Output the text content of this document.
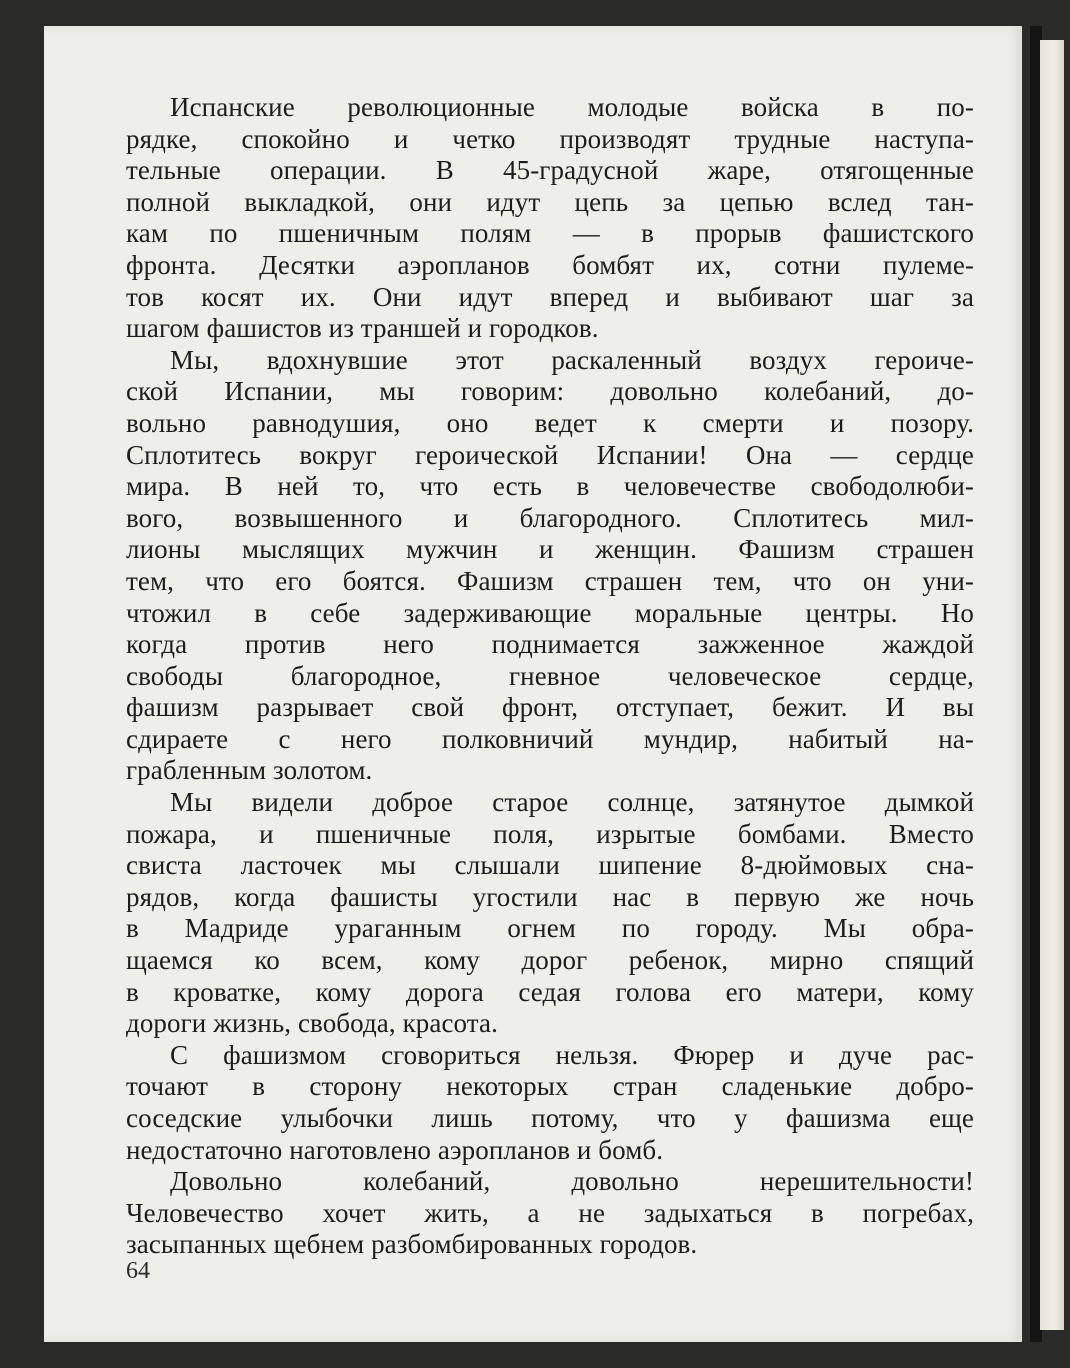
Испанские революционные молодые войска в по-
рядке, спокойно и четко производят трудные наступа-
тельные операции. В 45-градусной жаре, отягощенные
полной выкладкой, они идут цепь за цепью вслед тан-
кам по пшеничным полям — в прорыв фашистского
фронта. Десятки аэропланов бомбят их, сотни пулеме-
тов косят их. Они идут вперед и выбивают шаг за
шагом фашистов из траншей и городков.
Мы, вдохнувшие этот раскаленный воздух героиче-
ской Испании, мы говорим: довольно колебаний, до-
вольно равнодушия, оно ведет к смерти и позору.
Сплотитесь вокруг героической Испании! Она — сердце
мира. В ней то, что есть в человечестве свободолюби-
вого, возвышенного и благородного. Сплотитесь мил-
лионы мыслящих мужчин и женщин. Фашизм страшен
тем, что его боятся. Фашизм страшен тем, что он уни-
чтожил в себе задерживающие моральные центры. Но
когда против него поднимается зажженное жаждой
свободы благородное, гневное человеческое сердце,
фашизм разрывает свой фронт, отступает, бежит. И вы
сдираете с него полковничий мундир, набитый на-
грабленным золотом.
Мы видели доброе старое солнце, затянутое дымкой
пожара, и пшеничные поля, изрытые бомбами. Вместо
свиста ласточек мы слышали шипение 8-дюймовых сна-
рядов, когда фашисты угостили нас в первую же ночь
в Мадриде ураганным огнем по городу. Мы обра-
щаемся ко всем, кому дорог ребенок, мирно спящий
в кроватке, кому дорога седая голова его матери, кому
дороги жизнь, свобода, красота.
С фашизмом сговориться нельзя. Фюрер и дуче рас-
точают в сторону некоторых стран сладенькие добро-
соседские улыбочки лишь потому, что у фашизма еще
недостаточно наготовлено аэропланов и бомб.
Довольно колебаний, довольно нерешительности!
Человечество хочет жить, а не задыхаться в погребах,
засыпанных щебнем разбомбированных городов.
64
